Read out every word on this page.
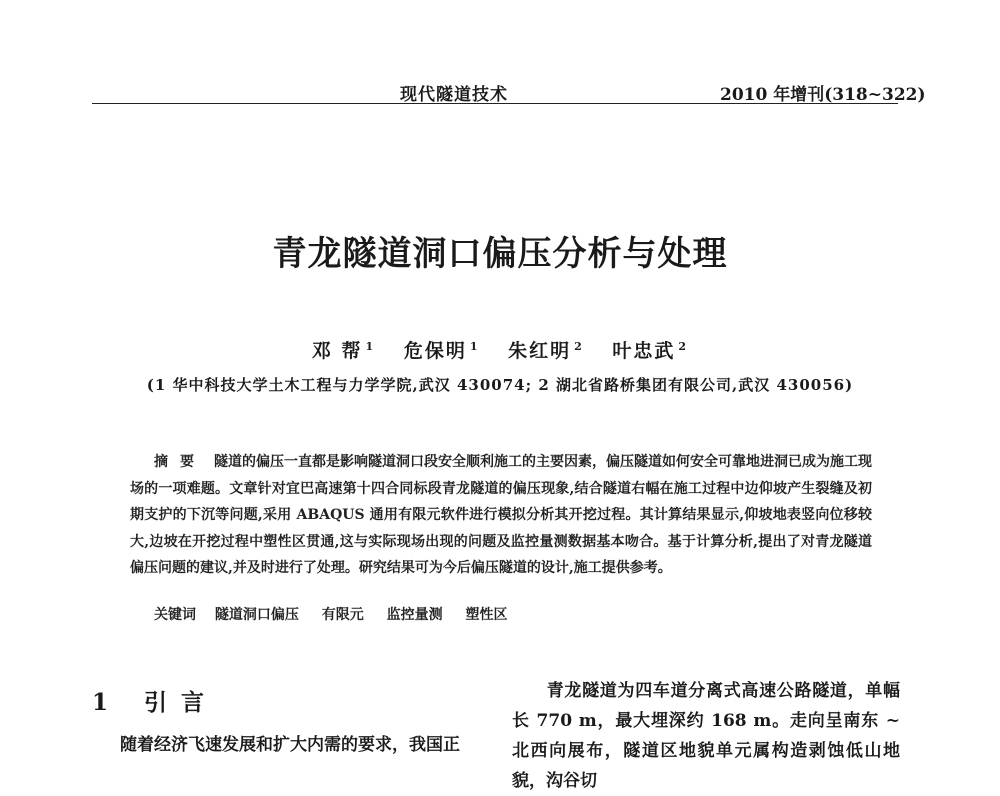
现代隧道技术	2010 年增刊(318~322)
青龙隧道洞口偏压分析与处理
邓 帮 $^1$ 危保明 $^1$ 朱红明 $^2$ 叶忠武 $^2$
(1 华中科技大学土木工程与力学学院,武汉 430074; 2 湖北省路桥集团有限公司,武汉 430056)
摘要 隧道的偏压一直都是影响隧道洞口段安全顺利施工的主要因素，偏压隧道如何安全可靠地进洞已成为施工现场的一项难题。文章针对宜巴高速第十四合同标段青龙隧道的偏压现象,结合隧道右幅在施工过程中边仰坡产生裂缝及初期支护的下沉等问题,采用 ABAQUS 通用有限元软件进行模拟分析其开挖过程。其计算结果显示,仰坡地表竖向位移较大,边坡在开挖过程中塑性区贯通,这与实际现场出现的问题及监控量测数据基本吻合。基于计算分析,提出了对青龙隧道偏压问题的建议,并及时进行了处理。研究结果可为今后偏压隧道的设计,施工提供参考。
关键词 隧道洞口偏压 有限元 监控量测 塑性区
1 引言
随着经济飞速发展和扩大内需的要求，我国正
青龙隧道为四车道分离式高速公路隧道，单幅长 770 m，最大埋深约 168 m。走向呈南东 ~ 北西向展布，隧道区地貌单元属构造剥蚀低山地貌，沟谷切
